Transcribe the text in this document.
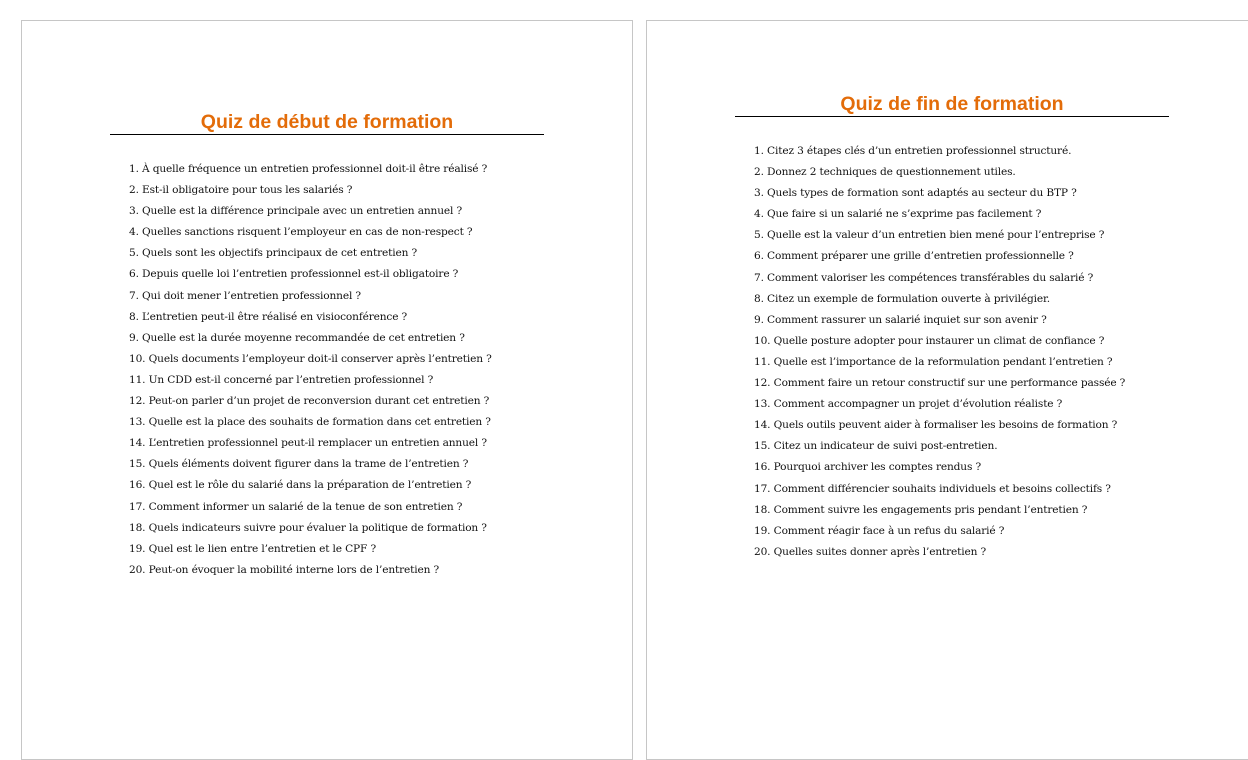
Quiz de début de formation
1. À quelle fréquence un entretien professionnel doit-il être réalisé ?
2. Est-il obligatoire pour tous les salariés ?
3. Quelle est la différence principale avec un entretien annuel ?
4. Quelles sanctions risquent l’employeur en cas de non-respect ?
5. Quels sont les objectifs principaux de cet entretien ?
6. Depuis quelle loi l’entretien professionnel est-il obligatoire ?
7. Qui doit mener l’entretien professionnel ?
8. L’entretien peut-il être réalisé en visioconférence ?
9. Quelle est la durée moyenne recommandée de cet entretien ?
10. Quels documents l’employeur doit-il conserver après l’entretien ?
11. Un CDD est-il concerné par l’entretien professionnel ?
12. Peut-on parler d’un projet de reconversion durant cet entretien ?
13. Quelle est la place des souhaits de formation dans cet entretien ?
14. L’entretien professionnel peut-il remplacer un entretien annuel ?
15. Quels éléments doivent figurer dans la trame de l’entretien ?
16. Quel est le rôle du salarié dans la préparation de l’entretien ?
17. Comment informer un salarié de la tenue de son entretien ?
18. Quels indicateurs suivre pour évaluer la politique de formation ?
19. Quel est le lien entre l’entretien et le CPF ?
20. Peut-on évoquer la mobilité interne lors de l’entretien ?
Quiz de fin de formation
1. Citez 3 étapes clés d’un entretien professionnel structuré.
2. Donnez 2 techniques de questionnement utiles.
3. Quels types de formation sont adaptés au secteur du BTP ?
4. Que faire si un salarié ne s’exprime pas facilement ?
5. Quelle est la valeur d’un entretien bien mené pour l’entreprise ?
6. Comment préparer une grille d’entretien professionnelle ?
7. Comment valoriser les compétences transférables du salarié ?
8. Citez un exemple de formulation ouverte à privilégier.
9. Comment rassurer un salarié inquiet sur son avenir ?
10. Quelle posture adopter pour instaurer un climat de confiance ?
11. Quelle est l’importance de la reformulation pendant l’entretien ?
12. Comment faire un retour constructif sur une performance passée ?
13. Comment accompagner un projet d’évolution réaliste ?
14. Quels outils peuvent aider à formaliser les besoins de formation ?
15. Citez un indicateur de suivi post-entretien.
16. Pourquoi archiver les comptes rendus ?
17. Comment différencier souhaits individuels et besoins collectifs ?
18. Comment suivre les engagements pris pendant l’entretien ?
19. Comment réagir face à un refus du salarié ?
20. Quelles suites donner après l’entretien ?
